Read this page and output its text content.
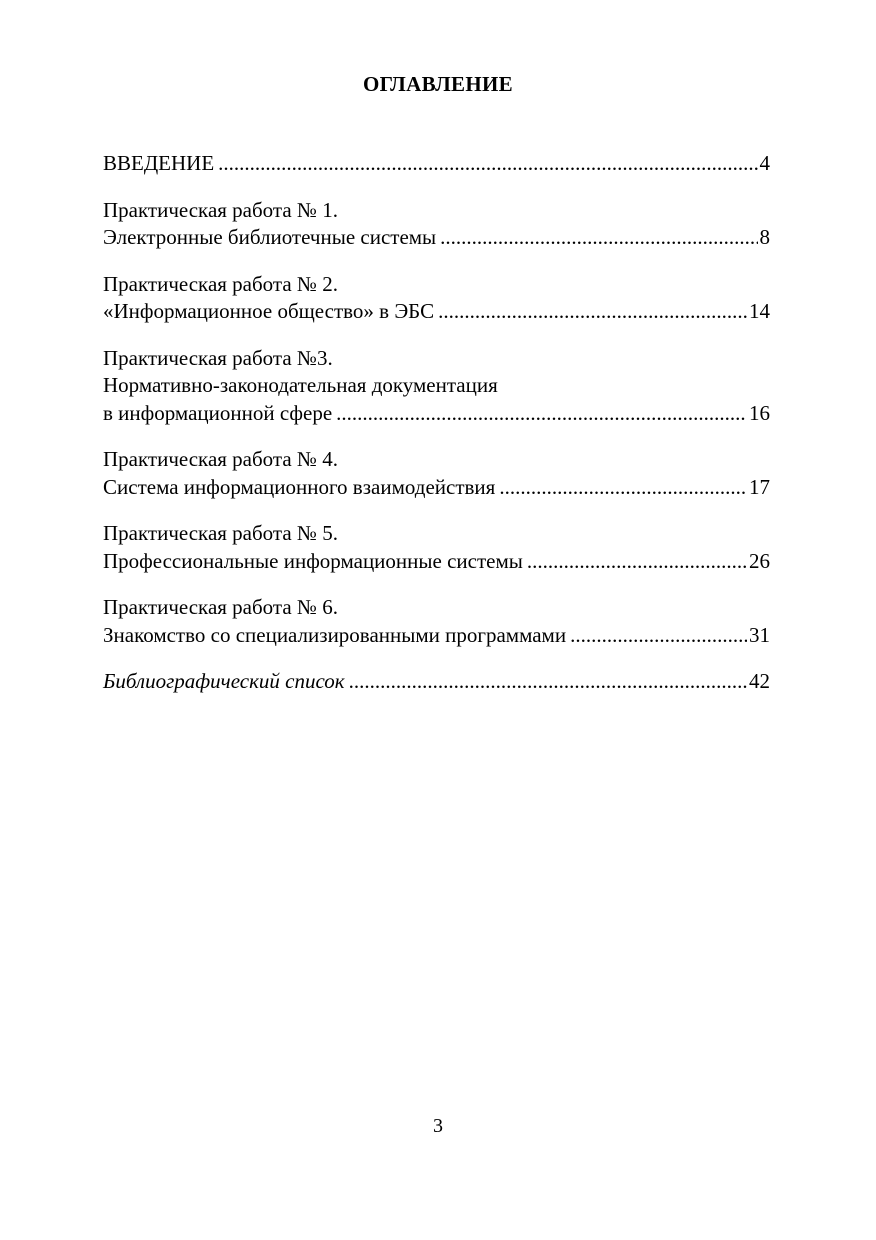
ОГЛАВЛЕНИЕ
ВВЕДЕНИЕ .....	4
Практическая работа № 1.
Электронные библиотечные системы .....	8
Практическая работа № 2.
«Информационное общество» в ЭБС .....	14
Практическая работа №3.
Нормативно-законодательная документация
в информационной сфере .....	16
Практическая работа № 4.
Система информационного взаимодействия .....	17
Практическая работа № 5.
Профессиональные информационные системы .....	26
Практическая работа № 6.
Знакомство со специализированными программами .....	31
Библиографический список .....	42
3
